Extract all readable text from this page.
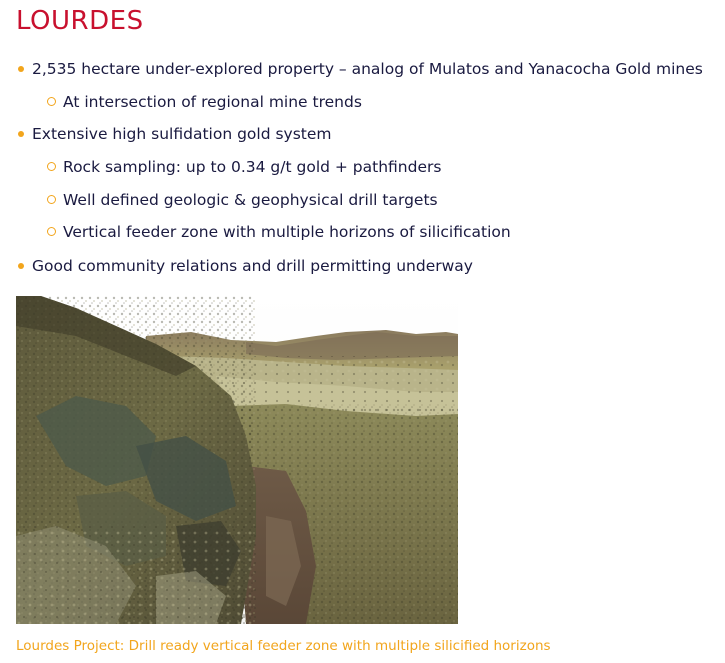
LOURDES
2,535 hectare under-explored property – analog of Mulatos and Yanacocha Gold mines
At intersection of regional mine trends
Extensive high sulfidation gold system
Rock sampling: up to 0.34 g/t gold + pathfinders
Well defined geologic & geophysical drill targets
Vertical feeder zone with multiple horizons of silicification
Good community relations and drill permitting underway
Lourdes Project: Drill ready vertical feeder zone with multiple silicified horizons
